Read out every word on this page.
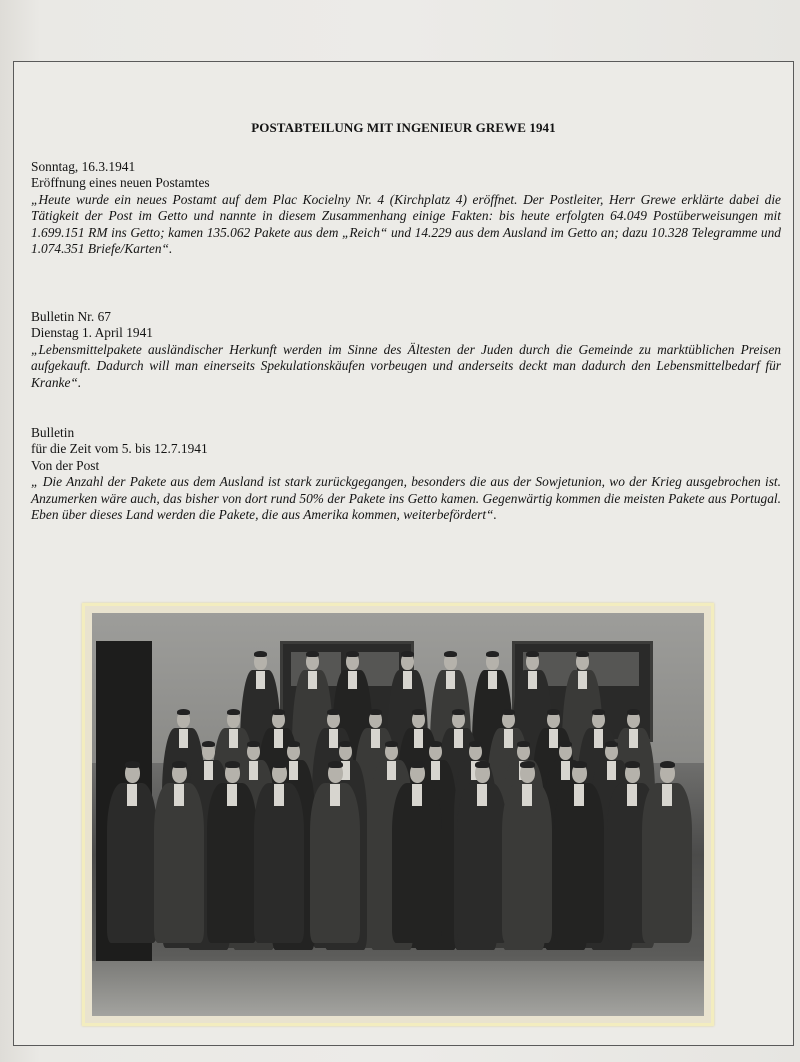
POSTABTEILUNG MIT INGENIEUR GREWE 1941
Sonntag, 16.3.1941
Eröffnung eines neuen Postamtes
„Heute wurde ein neues Postamt auf dem Plac Kocielny Nr. 4 (Kirchplatz 4) eröffnet. Der Postleiter, Herr Grewe erklärte dabei die Tätigkeit der Post im Getto und nannte in diesem Zusammenhang einige Fakten: bis heute erfolgten 64.049 Postüberweisungen mit 1.699.151 RM ins Getto; kamen 135.062 Pakete aus dem „Reich“ und 14.229 aus dem Ausland im Getto an; dazu 10.328 Telegramme und 1.074.351 Briefe/Karten“.
Bulletin Nr. 67
Dienstag 1. April 1941
„Lebensmittelpakete ausländischer Herkunft werden im Sinne des Ältesten der Juden durch die Gemeinde zu marktüblichen Preisen aufgekauft. Dadurch will man einerseits Spekulationskäufen vorbeugen und anderseits deckt man dadurch den Lebensmittelbedarf für Kranke“.
Bulletin
für die Zeit vom 5. bis 12.7.1941
Von der Post
„ Die Anzahl der Pakete aus dem Ausland ist stark zurückgegangen, besonders die aus der Sowjetunion, wo der Krieg ausgebrochen ist. Anzumerken wäre auch, das bisher von dort rund 50% der Pakete ins Getto kamen. Gegenwärtig kommen die meisten Pakete aus Portugal. Eben über dieses Land werden die Pakete, die aus Amerika kommen, weiterbefördert“.
